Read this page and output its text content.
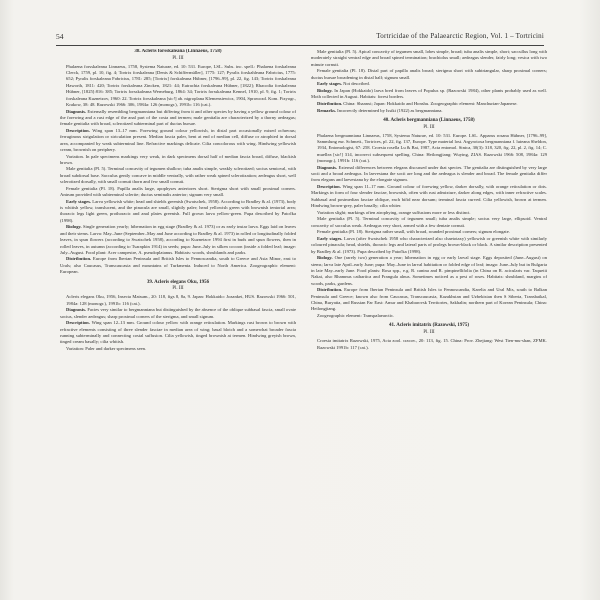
54	Tortricidae of the Palaearctic Region, Vol. 1 – Tortricini
38. Acleris forsskaleana (Linnaeus, 1758)
Pl. III

Phalaena forsskaleana Linnaeus, 1758, Systema Naturae, ed. 10: 531. Europe, LSL. Subs. inc. spell.: Phalaena forskaleana Clerck, 1759, pl. 10, fig. 4; Tortrix forskaleana [Denis & Schiffermüller], 1775: 127; Pyralis forskahleana Fabricius, 1775: 652; Pyralis forskaleana Fabricius, 1781: 285; [Tortrix] forskaleana Hübner, [1796–99], pl. 22, fig. 143; Tortrix forskaleana Haworth, 1811: 420; Tortrix forskaleana Zincken, 1821: 44; Eutrachia forskaleana Hübner, [1822]; Rhacodia forskaleana Hübner, [1825]:816: 385; Tortrix forsskaleana Werneburg, 1864: 34; Tortrix forsskaleana Kennel, 1910, pl. 9, fig. 1; Tortrix forskaleana Kuznetzov, 1960: 22. Tortrix forsskaleana [sic!] ab. nigroplana Klemensiewicz, 1904, Sprawozd. Kom. Fizyogr., Krakow, 38: 48. Razowski 1966: 306, 1984a: 126 (monogr.), 1991b: 116 (cat.).

Diagnosis. Externally resembling bergmanniana but differing from it and other species by having a yellow ground colour of the forewing and a rust edge of the anal part of the costa and termen; male genitalia are characterized by a thorny aedeagus; female genitalia with broad, sclerotized subterminal part of ductus bursae.

Description. Wing span 13–17 mm. Forewing ground colour yellowish, in distal part occasionally mixed ochreous; ferruginous strigulation or striculation present. Median fascia paler, bent at end of median cell, diffuse or atrophied in dorsal area, accompanied by weak subterminal line. Refractive markings delicate. Cilia concolorous with wing. Hindwing yellowish cream, brownish on periphery.

Variation. In pale specimens markings very weak, in dark specimens dorsal half of median fascia broad, diffuse, blackish brown.

Male genitalia (Pl. 5). Terminal concavity of tegumen shallow; tuba analis simple, weakly sclerotized; socius semioval, with broad subdorsal base. Sacculus gently concave in middle ventrally, with rather weak spined sclerotization; aedeagus short, well sclerotized dorsally, with small cornuti thorn and few small cornuti.

Female genitalia (Pl. 18). Papilla analis large, apophyses anteriores short. Sterigma short with small proximal corners. Antrum provided with subterminal sclerite; ductus seminalis anterior; signum very small.

Early stages. Larva yellowish white; head and shields greenish (Swatschek, 1958). According to Bradley & al. (1973), body is whitish yellow, translucent, and the pinacula are small, slightly paler; head yellowish green with brownish tentorial area; thoracic legs light green, prothoracic and anal plates greenish. Full grown larva yellow-green. Pupa described by Patočka (1998).

Biology. Single generation yearly; hibernation in egg stage (Bradley & al. 1973) or as early instar larva. Eggs laid on leaves and their stems. Larva: May–June (September–May and June according to Bradley & al. 1973) in rolled or longitudinally folded leaves, in spun flowers (according to Swatschek 1958), according to Kuznetzov 1994 first in buds and spun flowers, then in rolled leaves, in autumn (according to Tsarapkin 1914) in seeds; pupa: June–July in silken cocoon (inside a folded leaf; image: July–August. Food plant: Acer campestre, A. pseudoplatanus. Habitats: woods, shrublands and parks.

Distribution. Europe from Iberian Peninsula and British Isles to Fennoscandia, south to Greece and Asia Minor, east to Urals; also Caucasus, Transcaucasia and mountains of Turkmenia. Induced to North America. Zoogeographic element: European.

39. Acleris elegans Oku, 1956
Pl. III

Acleris elegans Oku, 1956, Insecta Matsum., 20: 118, figs 8, 8a, 9. Japan: Hokkaido: Jozankei, HUS. Razowski 1966: 501, 1984a: 128 (monogr.), 1991b: 116 (cat.).

Diagnosis. Facies very similar to bergmanniana but distinguished by the absence of the oblique subbasal fascia, small ovate socius, slender aedeagus; sharp proximal corners of the sterigma, and small signum.

Description. Wing span 12–13 mm. Ground colour yellow with orange reticulation. Markings rust brown to brown with refractive elements consisting of three slender fasciae in median area of wing; basal blotch and a somewhat broader fascia running subterminally and connecting costal suffusion. Cilia yellowish, tinged brownish at termen. Hindwing greyish brown, tinged cream basally; cilia whitish.

Variation: Paler and darker specimens seen.

Male genitalia (Pl. 5). Apical concavity of tegumen small, lobes simple, broad; tuba analis simple, short; saccullus long with moderately straight ventral edge and broad spined termination; brachiolus small; aedeagus slender, fairly long; vesica with two minute cornuti.

Female genitalia (Pl. 18). Distal part of papilla analis broad; sterigma short with subtriangular, sharp proximal corners; ductus bursae broadening in distal half; signum small.

Early stages. Not described.

Biology. In Japan (Hokkaido) larva bred from leaves of Populus sp. (Razowski 1984), other plants probably used as well. Moth collected in August. Habitats: forest borders.

Distribution. China: Shaanxi; Japan: Hokkaido and Honshu. Zoogeographic element: Manchurian-Japanese.

Remarks. Incorrectly determined by Issiki (1922) as bergmanniana.

40. Acleris bergmanniana (Linnaeus, 1758)
Pl. III

Phalaena bergmanniana Linnaeus, 1758, Systema Naturae, ed. 10: 531. Europe. LSL. Apparus rosana Hübner, [1796–99], Sammlung eur. Schmett., Tortrices, pl. 22, fig. 137, Europe. Type material lost. Argyrotoxa bergmanniana f. luteana Sheldon, 1934, Entomologist, 67: 258. Croesia rosella Lu & Bai, 1987, Acta entomol. Sinica, 30(3): 318, 320, fig. 22, pl. 2, fig. 14; C. muellea [sic!] 314, incorrect subsequent spelling. China: Heilongjiang: Wuying, ZIAS. Razowski 1966: 508, 1984a: 129 (monogr.), 1991b: 116 (cat.).

Diagnosis. External differences between elegans discussed under that species. The genitalia are distinguished by very large socii and a broad aedeagus. In laevestana the socii are long and the aedeagus is slender and broad. The female genitalia differ from elegans and laevestana by the elongate signum.

Description. Wing span 11–17 mm. Ground colour of forewing yellow, darker dorsally, with orange reticulation or dots. Markings in form of four slender fasciae, brownish, often with rust admixture, darker along edges, with inner refractive scales. Subbasal and postmedian fasciae oblique, each bifid near dorsum; terminal fascia curved. Cilia yellowish, brown at termen. Hindwing brown-grey, paler basally; cilia whiter.

Variation slight; markings often atrophying, orange suffusions more or less distinct.

Male genitalia (Pl. 5). Terminal concavity of tegumen small; tuba analis simple; socius very large, ellipsoid. Ventral concavity of sacculus weak. Aedeagus very short, armed with a few dentate cornuti.

Female genitalia (Pl. 18). Sterigma rather small, with broad, rounded proximal corners; signum elongate.

Early stages. Larva (after Swatschek 1958 who characterized also chaetotaxy) yellowish or greenish white with similarly coloured pinacula; head, shields, thoracic legs and lateral parts of prolegs brown-black or black. A similar description presented by Bradley & al. (1973). Pupa described by Patočka (1998).

Biology. One (rarely two) generation a year; hibernation in egg or early larval stage. Eggs deposited (June–August) on stems; larva late April–early June; pupa: May–June in larval habitation or folded edge of leaf; imago: June–July but in Bulgaria in late May–early June. Food plants: Rosa spp., e.g. R. canina and R. pimpinellifolia (in China on R. acicularis var. Taquetii Nakai, also Rhamnus cathartica and Frangula alnus. Sometimes noticed as a pest of roses. Habitats: shrubland, margins of woods, parks, gardens.

Distribution. Europe from Iberian Peninsula and British Isles to Fennoscandia, Karelia and Ural Mts, south to Balkan Peninsula and Greece; known also from Caucasus, Transcaucasia, Kazakhstan and Uzbekistan then S Siberia, Transbaikal, China, Buryatia, and Russian Far East: Amur and Khabarovsk Territories, Sakhalin; northern part of Korean Peninsula; China: Heilongjiang.

Zoogeographic element: Transpalaearctic.

41. Acleris imitatrix (Razowski, 1975)
Pl. III

Croesia imitatrix Razowski, 1975, Acta zool. cracov., 20: 113, fig. 15. China: Prov. Zhejiang: West Tien-mu-shan, ZFMK. Razowski 1991b: 117 (cat.).
